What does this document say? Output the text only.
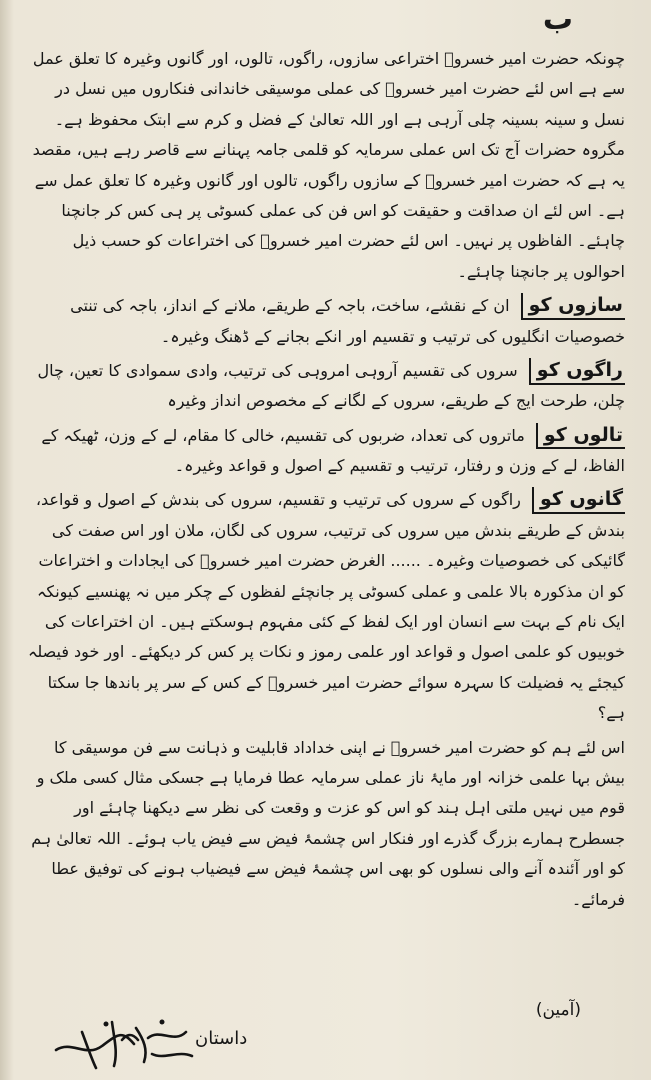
ب

چونکہ حضرت امیر خسروؒ اختراعی سازوں، راگوں، تالوں، اور گانوں وغیرہ کا تعلق عمل سے ہے اس لئے حضرت امیر خسروؒ کی عملی موسیقی خاندانی فنکاروں میں نسل در نسل و سینہ بسینہ چلی آرہی ہے اور اللہ تعالیٰ کے فضل و کرم سے ابتک محفوظ ہے۔ مگروہ حضرات آج تک اس عملی سرمایہ کو قلمی جامہ پہنانے سے قاصر رہے ہیں، مقصد یہ ہے کہ حضرت امیر خسروؒ کے سازوں راگوں، تالوں اور گانوں وغیرہ کا تعلق عمل سے ہے۔ اس لئے ان صداقت و حقیقت کو اس فن کی عملی کسوٹی پر ہی کس کر جانچنا چاہئے۔ الفاظوں پر نہیں۔ اس لئے حضرت امیر خسروؒ کی اختراعات کو حسب ذیل احوالوں پر جانچنا چاہئے۔

سازوں کو ان کے نقشے، ساخت، باجہ کے طریقے، ملانے کے انداز، باجہ کی تنتی خصوصیات انگلیوں کی ترتیب و تقسیم اور انکے بجانے کے ڈھنگ وغیرہ۔

راگوں کو سروں کی تقسیم آروہی امروہی کی ترتیب، وادی سموادی کا تعین، چال چلن، طرحت ایج کے طریقے، سروں کے لگانے کے مخصوص انداز وغیرہ

تالوں کو ماتروں کی تعداد، ضربوں کی تقسیم، خالی کا مقام، لے کے وزن، ٹھیکہ کے الفاظ، لے کے وزن و رفتار، ترتیب و تقسیم کے اصول و قواعد وغیرہ۔

گانوں کو راگوں کے سروں کی ترتیب و تقسیم، سروں کی بندش کے اصول و قواعد، بندش کے طریقے بندش میں سروں کی ترتیب، سروں کی لگان، ملان اور اس صفت کی گائیکی کی خصوصیات وغیرہ۔ ...... الغرض حضرت امیر خسروؒ کی ایجادات و اختراعات کو ان مذکورہ بالا علمی و عملی کسوٹی پر جانچئے لفظوں کے چکر میں نہ پھنسیے کیونکہ ایک نام کے بہت سے انسان اور ایک لفظ کے کئی مفہوم ہوسکتے ہیں۔ ان اختراعات کی خوبیوں کو علمی اصول و قواعد اور علمی رموز و نکات پر کس کر دیکھئے۔ اور خود فیصلہ کیجئے یہ فضیلت کا سہرہ سوائے حضرت امیر خسروؒ کے کس کے سر پر باندھا جا سکتا ہے؟

اس لئے ہم کو حضرت امیر خسروؒ نے اپنی خداداد قابلیت و ذہانت سے فن موسیقی کا بیش بہا علمی خزانہ اور مایۂ ناز عملی سرمایہ عطا فرمایا ہے جسکی مثال کسی ملک و قوم میں نہیں ملتی اہل ہند کو اس کو عزت و وقعت کی نظر سے دیکھنا چاہئے اور جسطرح ہمارے بزرگ گذرے اور فنکار اس چشمۂ فیض سے فیض یاب ہوئے۔ اللہ تعالیٰ ہم کو اور آئندہ آنے والی نسلوں کو بھی اس چشمۂ فیض سے فیضیاب ہونے کی توفیق عطا فرمائے۔

(آمین)
داستان
